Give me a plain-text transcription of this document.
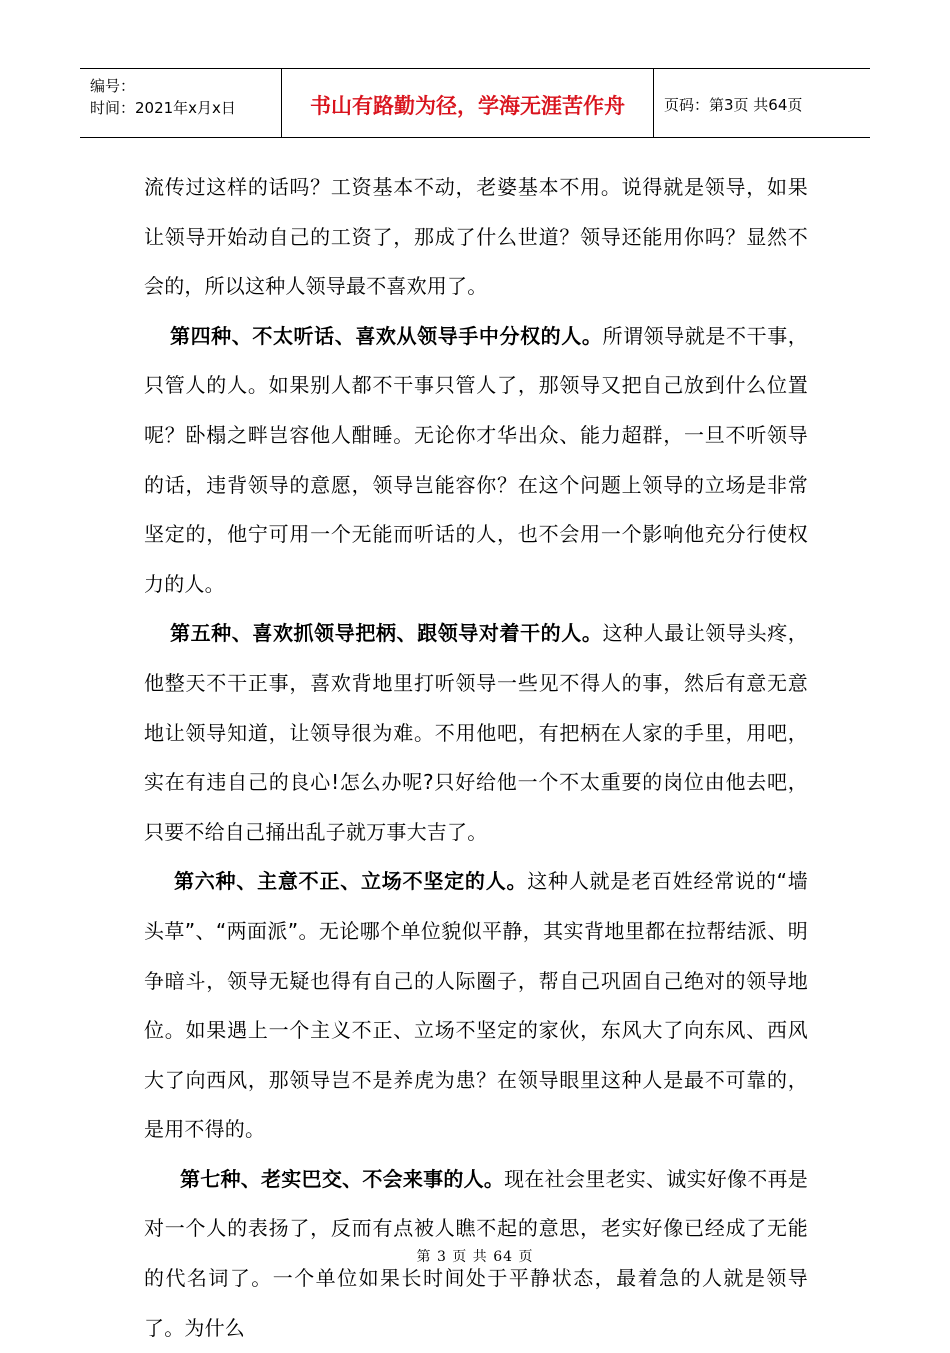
编号：
时间：2021年x月x日	书山有路勤为径，学海无涯苦作舟	页码：第3页 共64页

流传过这样的话吗？工资基本不动，老婆基本不用。说得就是领导，如果让领导开始动自己的工资了，那成了什么世道？领导还能用你吗？显然不会的，所以这种人领导最不喜欢用了。

第四种、不太听话、喜欢从领导手中分权的人。所谓领导就是不干事，只管人的人。如果别人都不干事只管人了，那领导又把自己放到什么位置呢？卧榻之畔岂容他人酣睡。无论你才华出众、能力超群，一旦不听领导的话，违背领导的意愿，领导岂能容你？在这个问题上领导的立场是非常坚定的，他宁可用一个无能而听话的人，也不会用一个影响他充分行使权力的人。

第五种、喜欢抓领导把柄、跟领导对着干的人。这种人最让领导头疼，他整天不干正事，喜欢背地里打听领导一些见不得人的事，然后有意无意地让领导知道，让领导很为难。不用他吧，有把柄在人家的手里，用吧，实在有违自己的良心!怎么办呢?只好给他一个不太重要的岗位由他去吧，只要不给自己捅出乱子就万事大吉了。

第六种、主意不正、立场不坚定的人。这种人就是老百姓经常说的“墙头草”、“两面派”。无论哪个单位貌似平静，其实背地里都在拉帮结派、明争暗斗，领导无疑也得有自己的人际圈子，帮自己巩固自己绝对的领导地位。如果遇上一个主义不正、立场不坚定的家伙，东风大了向东风、西风大了向西风，那领导岂不是养虎为患？在领导眼里这种人是最不可靠的，是用不得的。

第七种、老实巴交、不会来事的人。现在社会里老实、诚实好像不再是对一个人的表扬了，反而有点被人瞧不起的意思，老实好像已经成了无能的代名词了。一个单位如果长时间处于平静状态，最着急的人就是领导了。为什么

第 3 页 共 64 页
